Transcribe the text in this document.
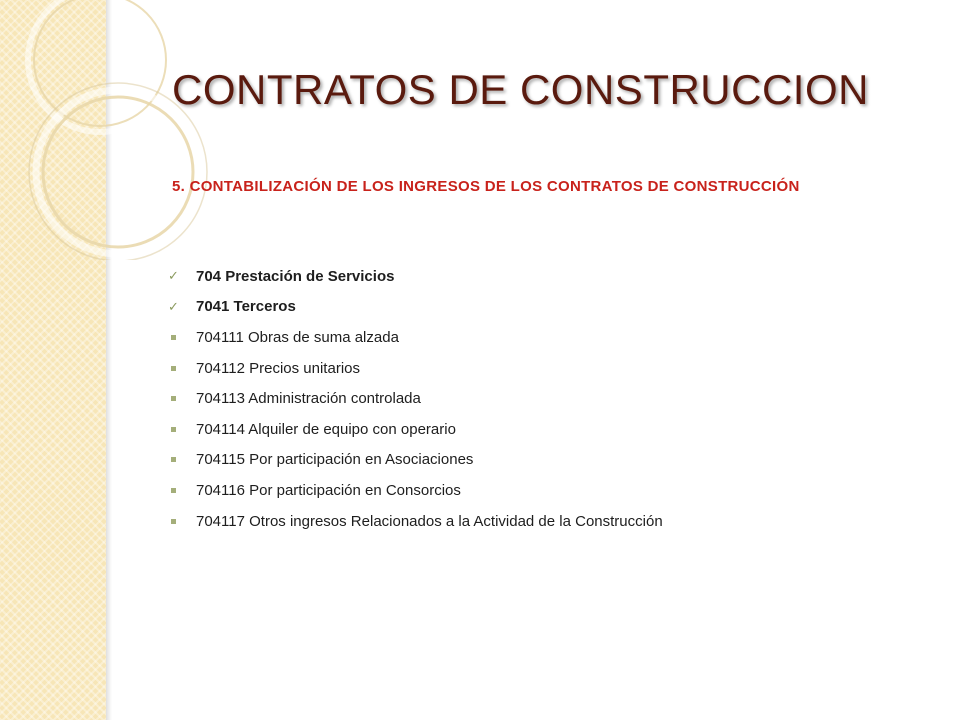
CONTRATOS DE CONSTRUCCION

5. CONTABILIZACIÓN DE LOS INGRESOS DE LOS CONTRATOS DE CONSTRUCCIÓN

✓	704 Prestación de Servicios
✓	7041 Terceros
704111 Obras de suma alzada
704112 Precios unitarios
704113 Administración controlada
704114 Alquiler de equipo con operario
704115 Por participación en Asociaciones
704116 Por participación en Consorcios
704117 Otros ingresos Relacionados a la Actividad de la Construcción
